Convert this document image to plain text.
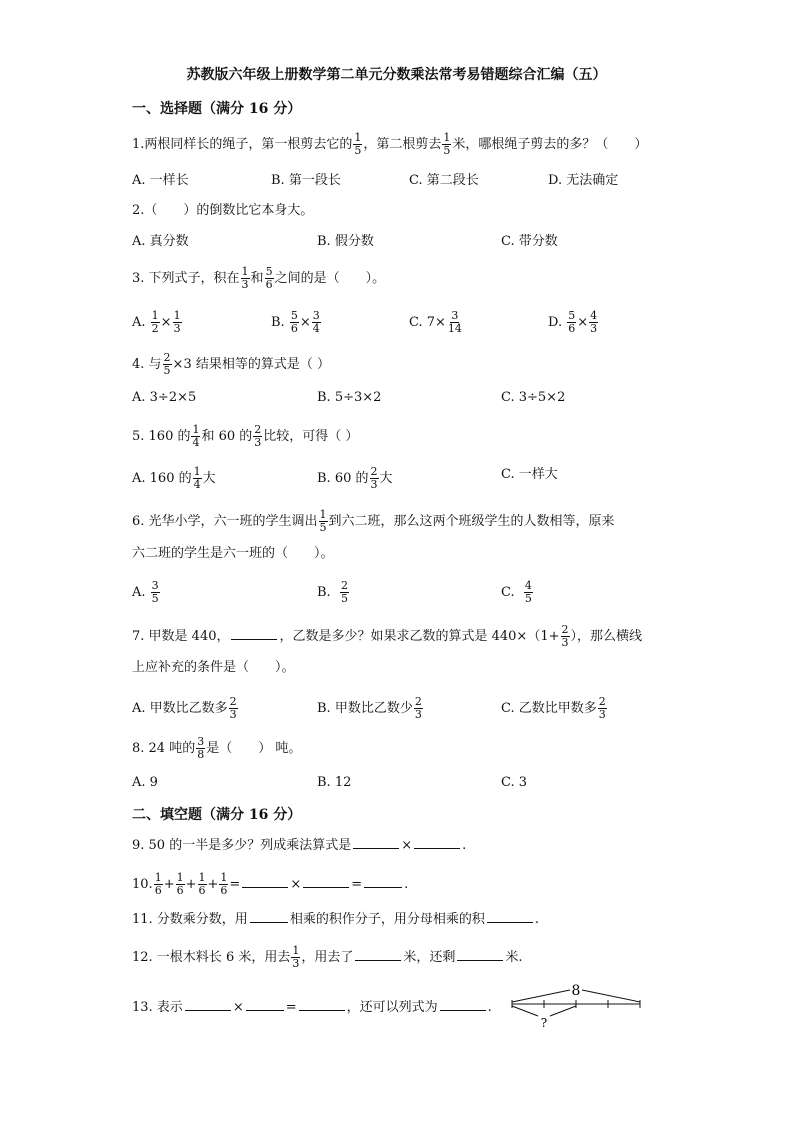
苏教版六年级上册数学第二单元分数乘法常考易错题综合汇编（五）
一、选择题（满分 16 分）
1.两根同样长的绳子，第一根剪去它的 $\frac{1}{5}$ ，第二根剪去 $\frac{1}{5}$ 米，哪根绳子剪去的多？（　　）
A. 一样长	B. 第一段长	C. 第二段长	D. 无法确定
2.（　　）的倒数比它本身大。
A. 真分数	B. 假分数	C. 带分数
3. 下列式子，积在 $\frac{1}{3}$ 和 $\frac{5}{6}$ 之间的是（　　）。
A. $\frac{1}{2} \times \frac{1}{3}$	B. $\frac{5}{6} \times \frac{3}{4}$	C. $7\times \frac{3}{14}$	D. $\frac{5}{6} \times \frac{4}{3}$
4. 与 $\frac{2}{5} \times 3$ 结果相等的算式是（ ）
A. 3÷2×5	B. 5÷3×2	C. 3÷5×2
5. 160 的 $\frac{1}{4}$ 和 60 的 $\frac{2}{3}$ 比较，可得（ ）
A. 160 的 $\frac{1}{4}$ 大	B. 60 的 $\frac{2}{3}$ 大	C. 一样大
6. 光华小学，六一班的学生调出 $\frac{1}{5}$ 到六二班，那么这两个班级学生的人数相等，原来
六二班的学生是六一班的（　　）。
A. $\frac{3}{5}$	B. $\frac{2}{5}$	C. $\frac{4}{5}$
7. 甲数是 440，	，乙数是多少？如果求乙数的算式是 $440\times(1+ \frac{2}{3}$ ），那么横线
上应补充的条件是（　　）。
A. 甲数比乙数多 $\frac{2}{3}$	B. 甲数比乙数少 $\frac{2}{3}$	C. 乙数比甲数多 $\frac{2}{3}$
8. 24 吨的 $\frac{3}{8}$ 是（　　） 吨。
A. 9	B. 12	C. 3
二、填空题（满分 16 分）
9. 50 的一半是多少？列成乘法算式是	×	.
10. $\frac{1}{6} + \frac{1}{6} + \frac{1}{6} + \frac{1}{6}$ =	×	=	.
11. 分数乘分数，用	相乘的积作分子，用分母相乘的积	.
12. 一根木料长 6 米，用去 $\frac{1}{3}$ ，用去了	米，还剩	米.
13. 表示	×	=	，还可以列式为	.
8
?
